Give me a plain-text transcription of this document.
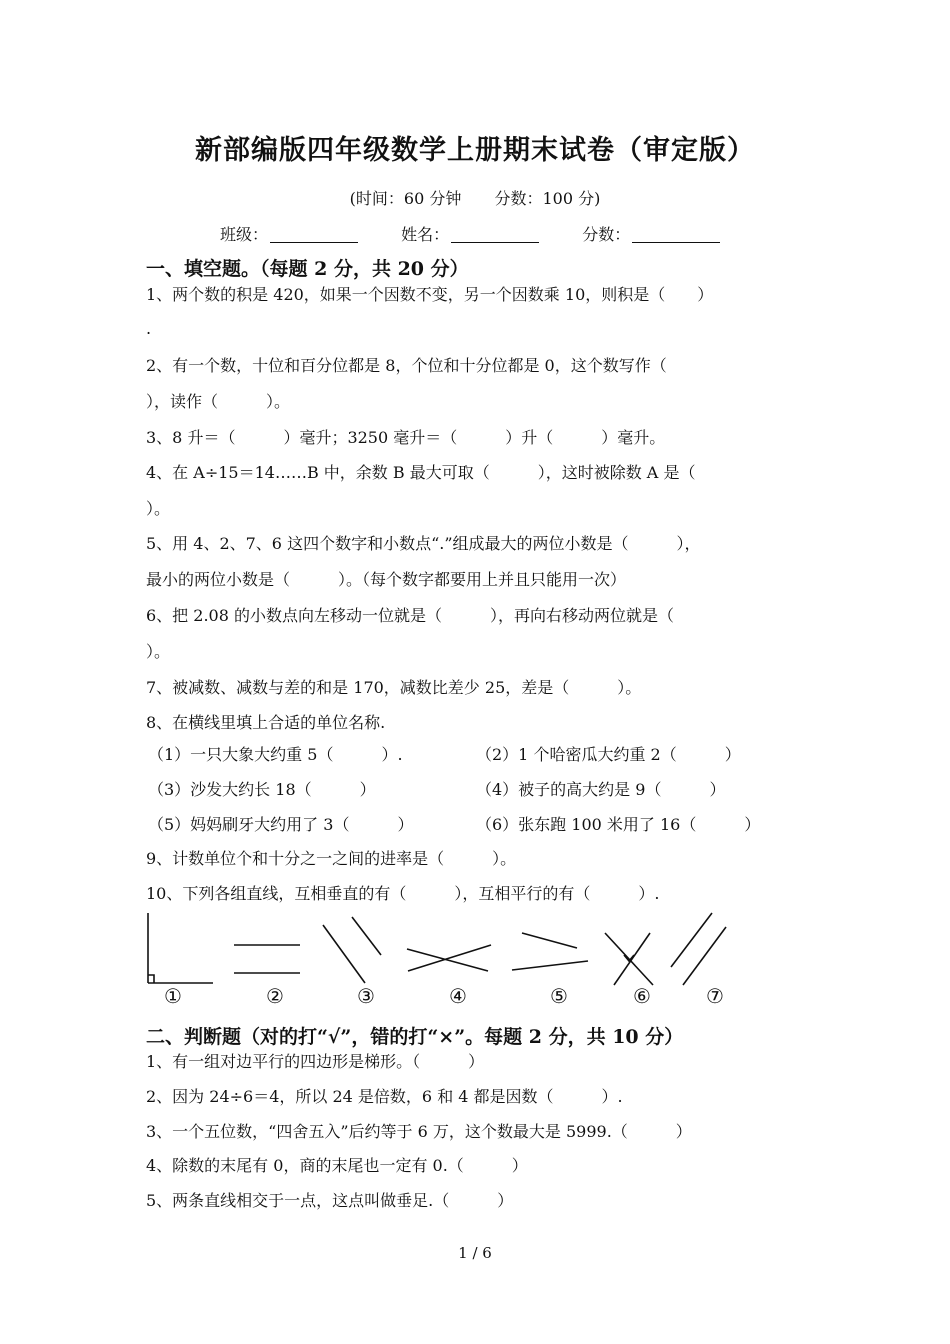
新部编版四年级数学上册期末试卷（审定版）
(时间：60 分钟 分数：100 分)
班级：	姓名：	分数：
一、填空题。（每题 2 分，共 20 分）
1、两个数的积是 420，如果一个因数不变，另一个因数乘 10，则积是（　　）
.
2、有一个数，十位和百分位都是 8，个位和十分位都是 0，这个数写作（
），读作（　　　）。
3、8 升＝（　　　）毫升；3250 毫升＝（　　　）升（　　　）毫升。
4、在 A÷15＝14……B 中，余数 B 最大可取（　　　），这时被除数 A 是（
）。
5、用 4、2、7、6 这四个数字和小数点“.”组成最大的两位小数是（　　　），
最小的两位小数是（　　　）。（每个数字都要用上并且只能用一次）
6、把 2.08 的小数点向左移动一位就是（　　　），再向右移动两位就是（
）。
7、被减数、减数与差的和是 170，减数比差少 25，差是（　　　）。
8、在横线里填上合适的单位名称.
（1）一只大象大约重 5（　　　）.	（2）1 个哈密瓜大约重 2（　　　）
（3）沙发大约长 18（　　　）	（4）被子的高大约是 9（　　　）
（5）妈妈刷牙大约用了 3（　　　）	（6）张东跑 100 米用了 16（　　　）
9、计数单位个和十分之一之间的进率是（　　　）。
10、下列各组直线，互相垂直的有（　　　），互相平行的有（　　　）.
①	②	③	④	⑤	⑥	⑦
二、判断题（对的打“√”，错的打“×”。每题 2 分，共 10 分）
1、有一组对边平行的四边形是梯形。（　　　）
2、因为 24÷6＝4，所以 24 是倍数，6 和 4 都是因数（　　　）.
3、一个五位数，“四舍五入”后约等于 6 万，这个数最大是 5999.（　　　）
4、除数的末尾有 0，商的末尾也一定有 0.（　　　）
5、两条直线相交于一点，这点叫做垂足.（　　　）
1 / 6
